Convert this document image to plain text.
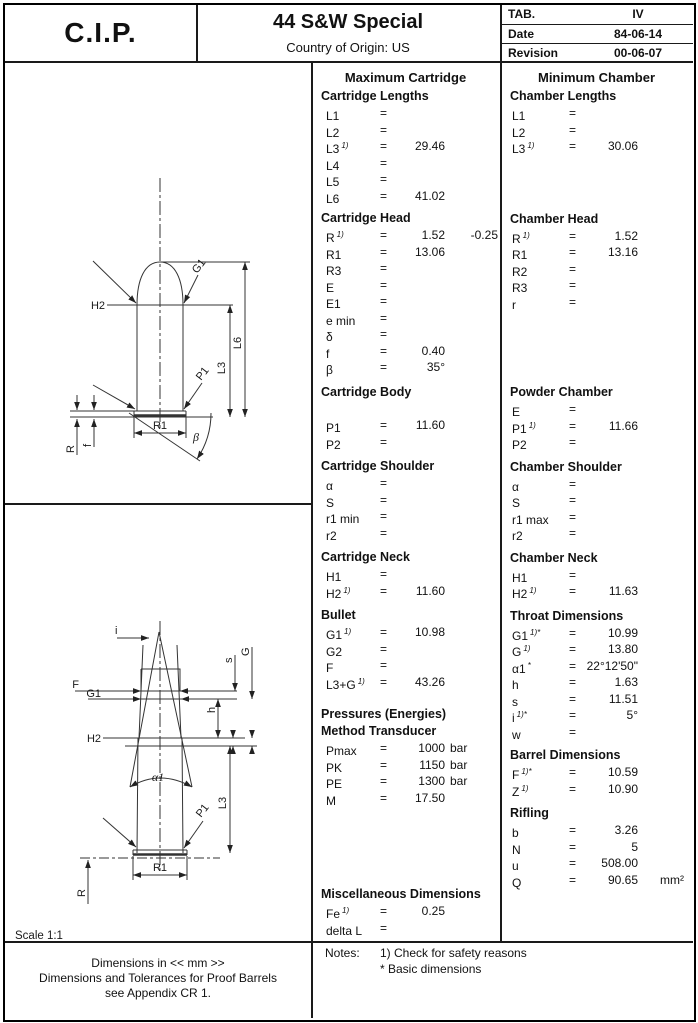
C.I.P.	44 S&W Special
Country of Origin: US
TAB.	IV
Date	84-06-14
Revision	00-06-07
H2
G1
L6
L3
P1
R1
β
R f
i
F
G1
s
G
h
H2
α1
L3
P1
R1
R
Scale 1:1
Maximum Cartridge
Cartridge Lengths
L1	=
L2	=
L3 $^{1)}$	=	29.46
L4	=
L5	=
L6	=	41.02
Cartridge Head
R $^{1)}$	=	1.52 -0.25
R1	=	13.06
R3	=
E	=
E1	=
e min =
δ	=
f	=	0.40
β	=	35°
Cartridge Body
P1	=	11.60
P2	=
Cartridge Shoulder
α	=
S	=
r1 min =
r2	=
Cartridge Neck
H1	=
H2 $^{1)}$ =	11.60
Bullet
G1 $^{1)}$ =	10.98
G2	=
F	=
L3+G $^{1)}$ =	43.26
Pressures (Energies)
Method Transducer
Pmax =	1000 bar
PK	=	1150 bar
PE	=	1300 bar
M	=	17.50
Miscellaneous Dimensions
Fe $^{1)}$	=	0.25
delta L =
Minimum Chamber
Chamber Lengths
L1	=
L2	=
L3 $^{1)}$	=	30.06
Chamber Head
R $^{1)}$	=	1.52
R1	=	13.16
R2	=
R3	=
r	=
Powder Chamber
E	=
P1 $^{1)}$	=	11.66
P2	=
Chamber Shoulder
α	=
S	=
r1 max =
r2	=
Chamber Neck
H1	=
H2 $^{1)}$	=	11.63
Throat Dimensions
G1 $^{1)*}$ =	10.99
G $^{1)}$	=	13.80
α1 *	= 22°12'50"
h	=	1.63
s	=	11.51
i $^{1)*}$	=	5°
w	=
Barrel Dimensions
F $^{1)*}$	=	10.59
Z $^{1)}$	=	10.90
Rifling
b	=	3.26
N	=	5
u	=	508.00
Q	=	90.65 mm²
Dimensions in << mm >>
Dimensions and Tolerances for Proof Barrels
see Appendix CR 1.
Notes: 1) Check for safety reasons
* Basic dimensions
